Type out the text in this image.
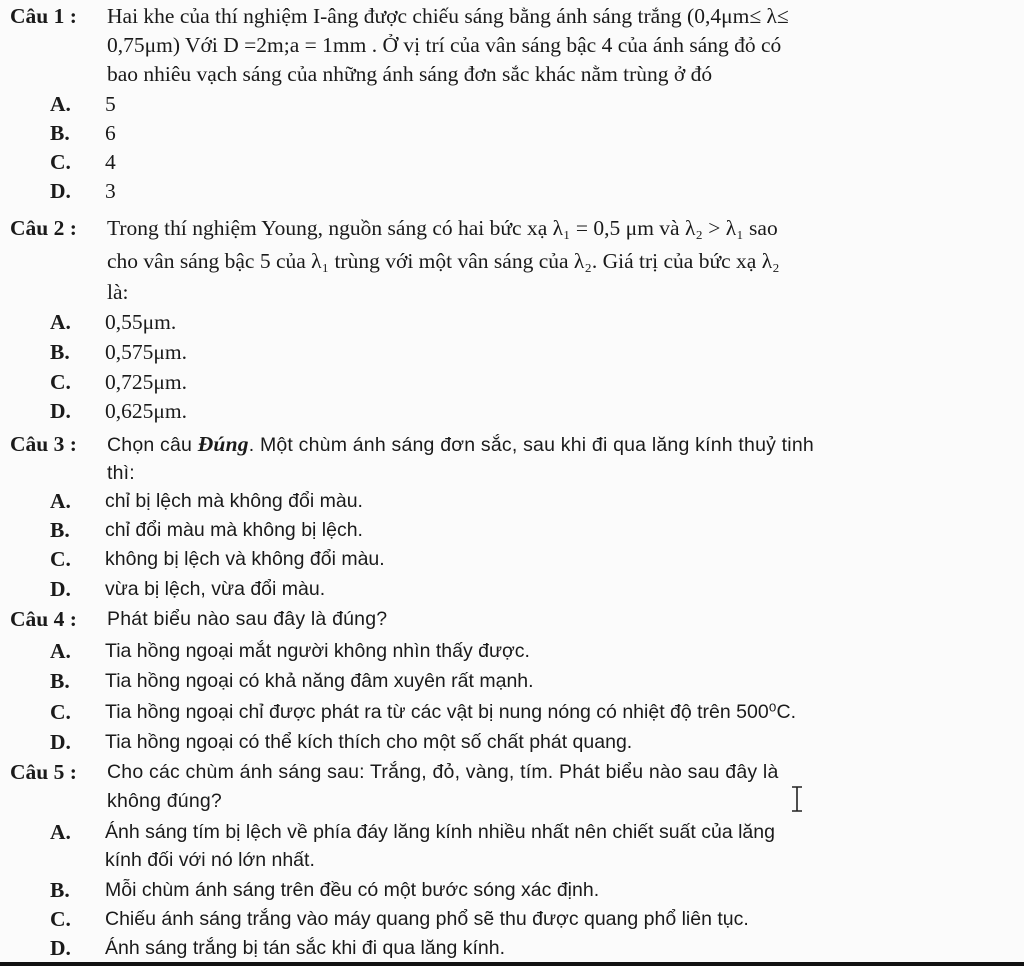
Câu 1 : Hai khe của thí nghiệm I-âng được chiếu sáng bằng ánh sáng trắng (0,4μm≤ λ≤
0,75μm) Với D =2m;a = 1mm . Ở vị trí của vân sáng bậc 4 của ánh sáng đỏ có
bao nhiêu vạch sáng của những ánh sáng đơn sắc khác nằm trùng ở đó
A.	5
B.	6
C.	4
D.	3
Câu 2 : Trong thí nghiệm Young, nguồn sáng có hai bức xạ λ₁ = 0,5 μm và λ₂ > λ₁ sao
cho vân sáng bậc 5 của λ₁ trùng với một vân sáng của λ₂. Giá trị của bức xạ λ₂
là:
A.	0,55μm.
B.	0,575μm.
C.	0,725μm.
D.	0,625μm.
Câu 3 : Chọn câu Đúng. Một chùm ánh sáng đơn sắc, sau khi đi qua lăng kính thuỷ tinh
thì:
A.	chỉ bị lệch mà không đổi màu.
B.	chỉ đổi màu mà không bị lệch.
C.	không bị lệch và không đổi màu.
D.	vừa bị lệch, vừa đổi màu.
Câu 4 : Phát biểu nào sau đây là đúng?
A.	Tia hồng ngoại mắt người không nhìn thấy được.
B.	Tia hồng ngoại có khả năng đâm xuyên rất mạnh.
C.	Tia hồng ngoại chỉ được phát ra từ các vật bị nung nóng có nhiệt độ trên 500⁰C.
D.	Tia hồng ngoại có thể kích thích cho một số chất phát quang.
Câu 5 : Cho các chùm ánh sáng sau: Trắng, đỏ, vàng, tím. Phát biểu nào sau đây là
không đúng?
A.	Ánh sáng tím bị lệch về phía đáy lăng kính nhiều nhất nên chiết suất của lăng
kính đối với nó lớn nhất.
B.	Mỗi chùm ánh sáng trên đều có một bước sóng xác định.
C.	Chiếu ánh sáng trắng vào máy quang phổ sẽ thu được quang phổ liên tục.
D.	Ánh sáng trắng bị tán sắc khi đi qua lăng kính.
